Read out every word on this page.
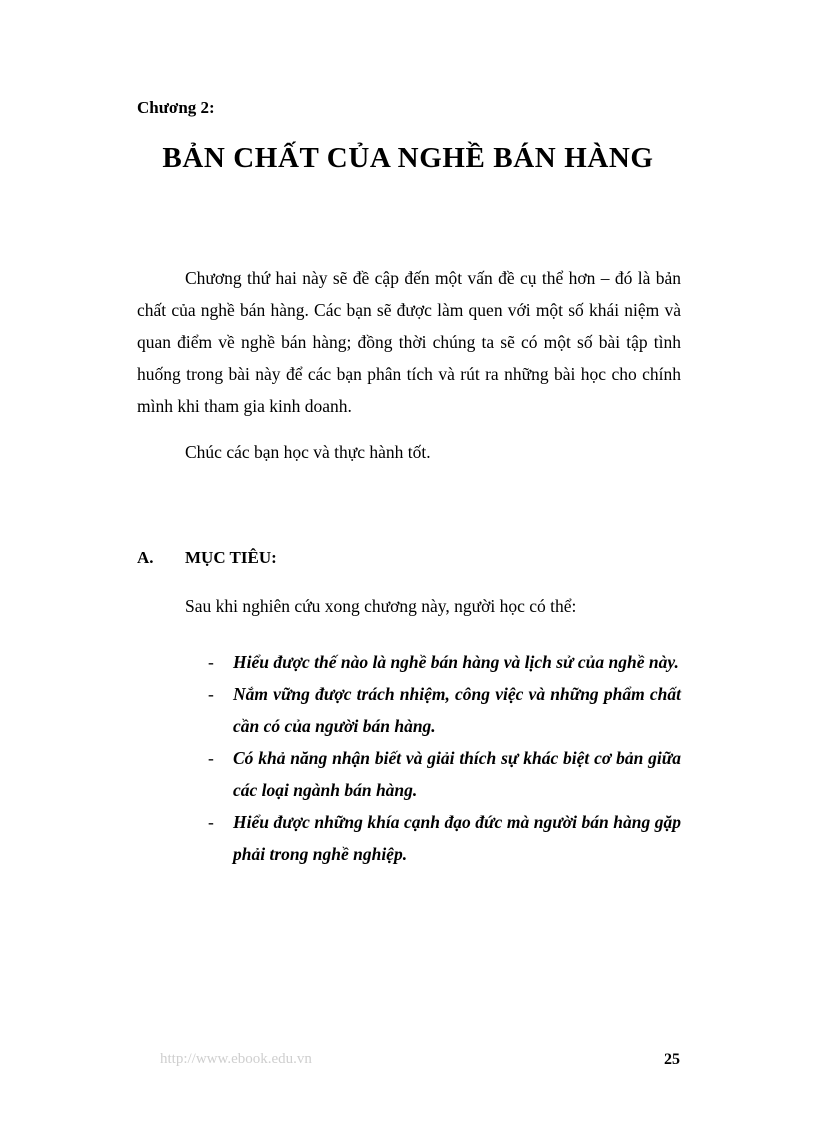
Chương 2:
BẢN CHẤT CỦA NGHỀ BÁN HÀNG

Chương thứ hai này sẽ đề cập đến một vấn đề cụ thể hơn – đó là bản chất của nghề bán hàng. Các bạn sẽ được làm quen với một số khái niệm và quan điểm về nghề bán hàng; đồng thời chúng ta sẽ có một số bài tập tình huống trong bài này để các bạn phân tích và rút ra những bài học cho chính mình khi tham gia kinh doanh.

Chúc các bạn học và thực hành tốt.

A. MỤC TIÊU:

Sau khi nghiên cứu xong chương này, người học có thể:

- Hiểu được thế nào là nghề bán hàng và lịch sử của nghề này.
- Nắm vững được trách nhiệm, công việc và những phẩm chất cần có của người bán hàng.
- Có khả năng nhận biết và giải thích sự khác biệt cơ bản giữa các loại ngành bán hàng.
- Hiểu được những khía cạnh đạo đức mà người bán hàng gặp phải trong nghề nghiệp.
http://www.ebook.edu.vn	25
